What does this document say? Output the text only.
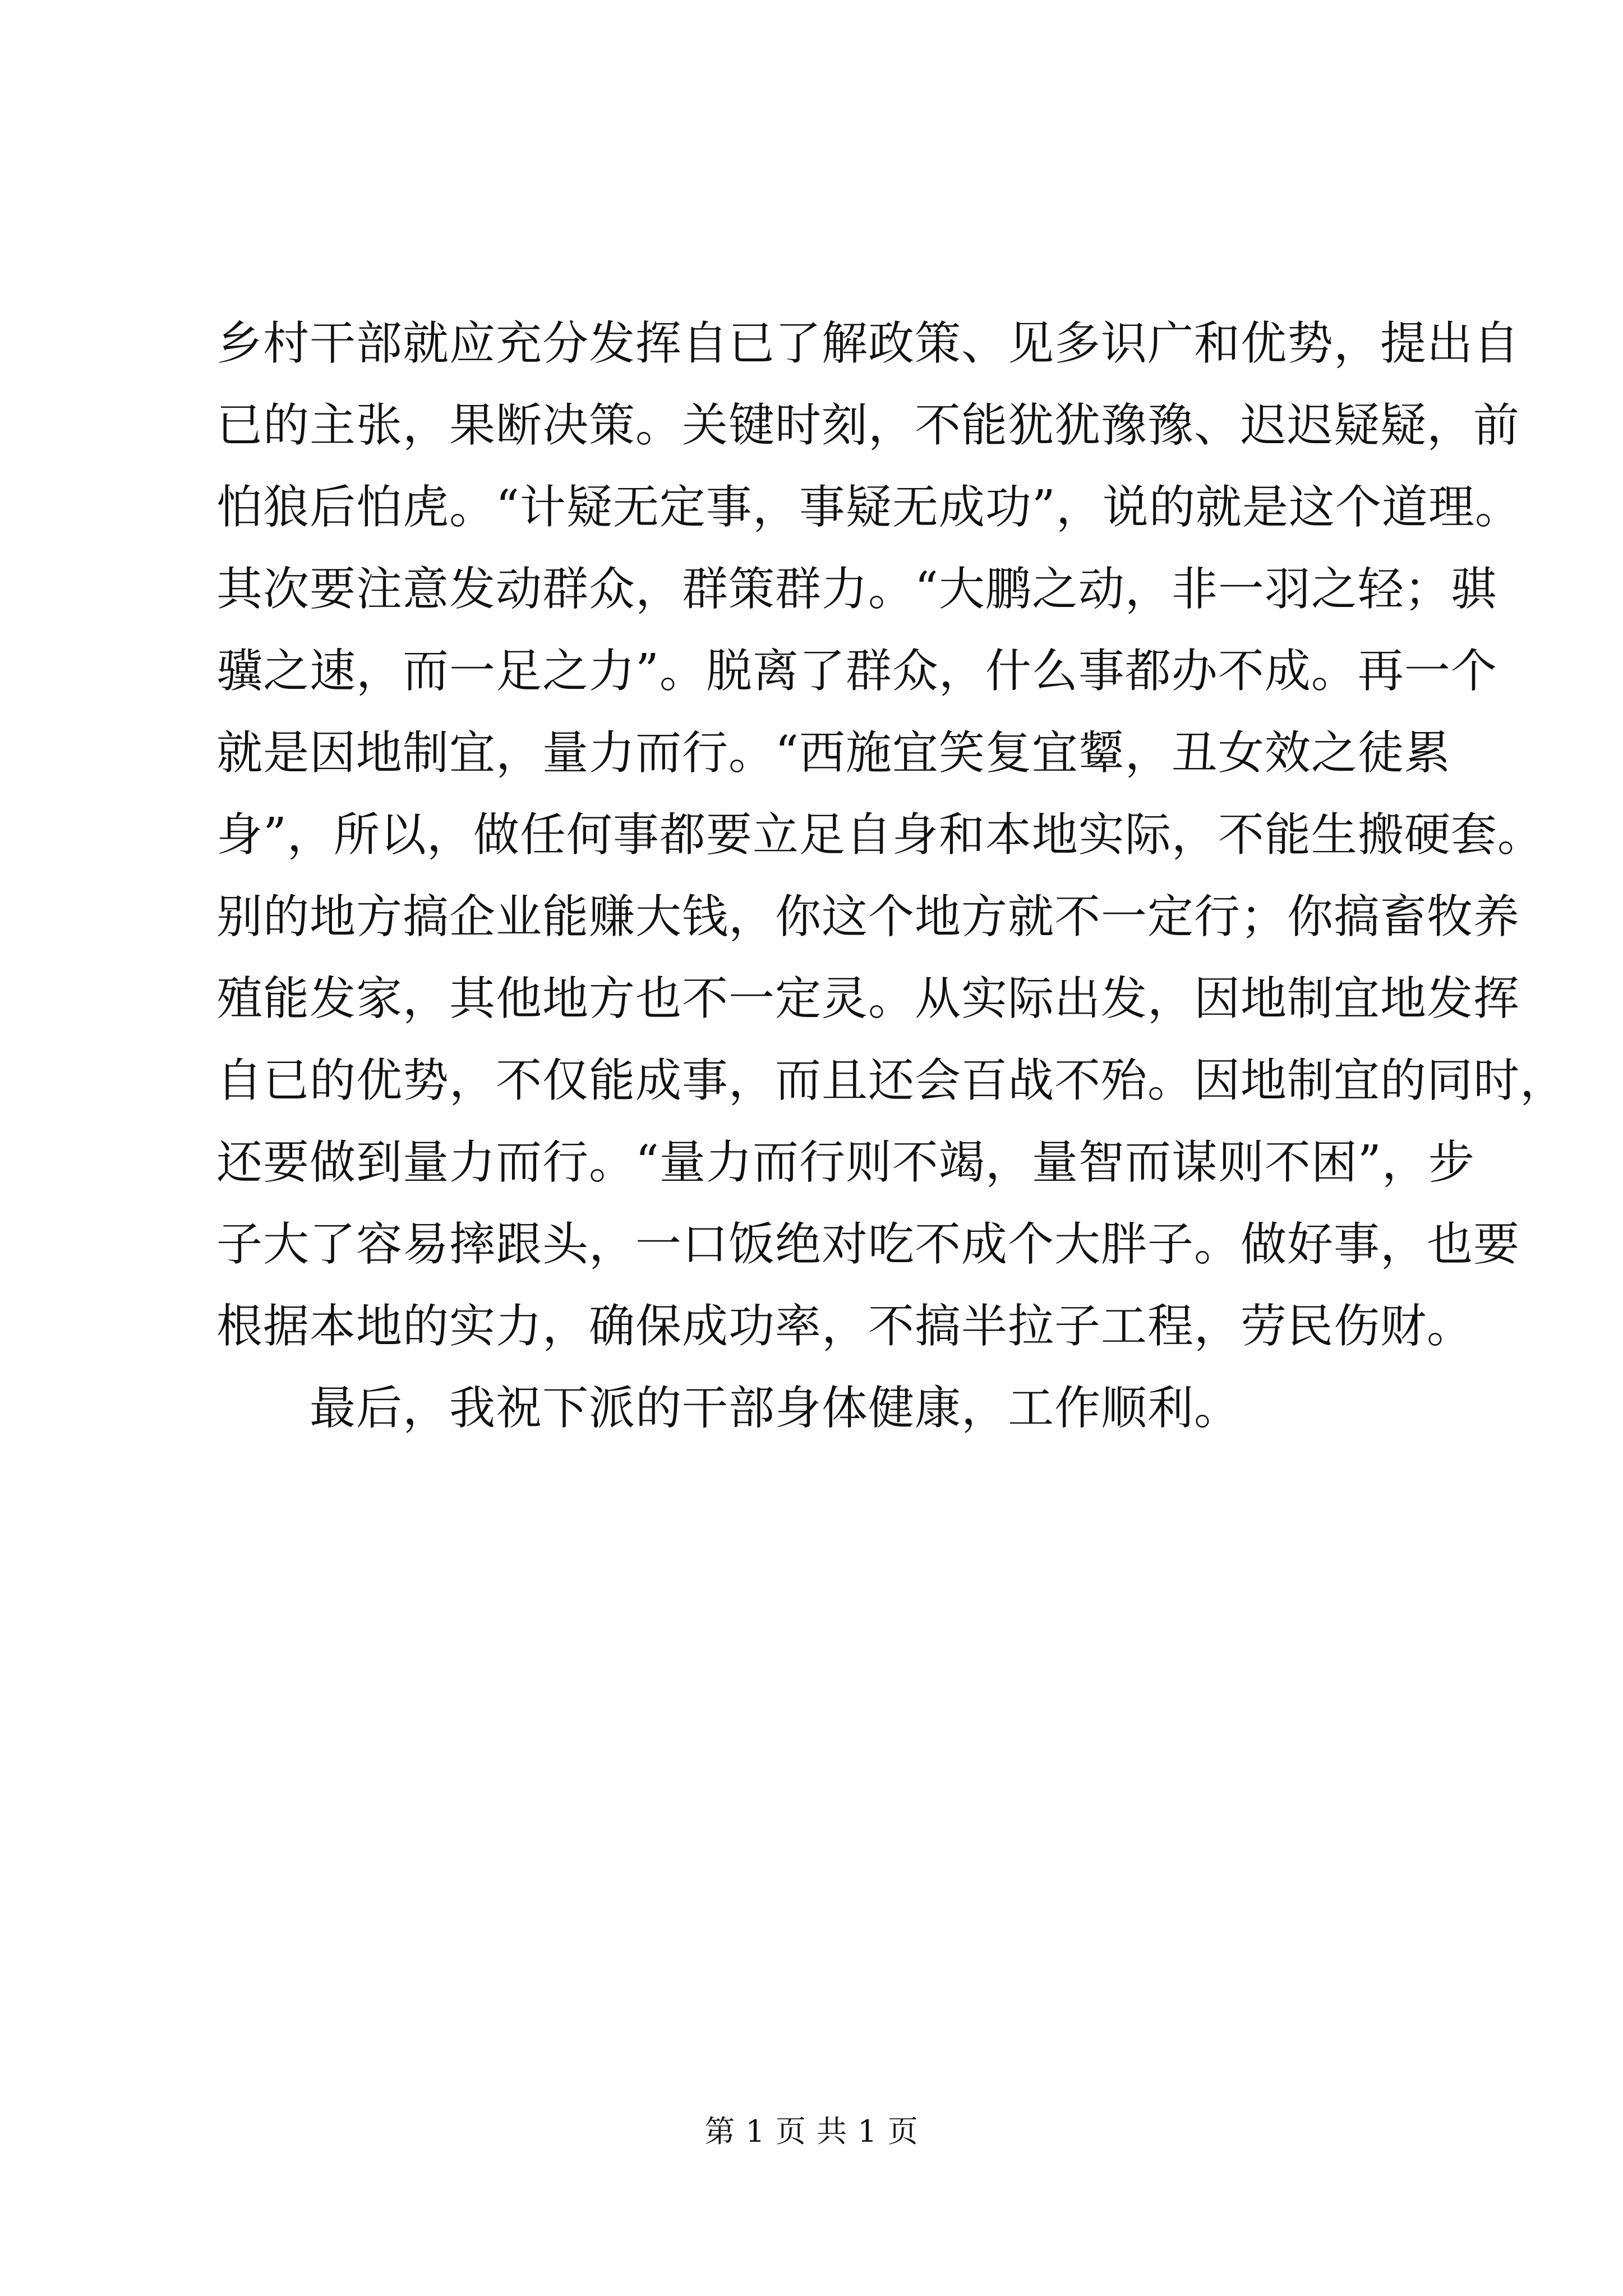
乡村干部就应充分发挥自已了解政策、见多识广和优势，提出自
已的主张，果断决策。关键时刻，不能犹犹豫豫、迟迟疑疑，前
怕狼后怕虎。“计疑无定事，事疑无成功”，说的就是这个道理。
其次要注意发动群众，群策群力。“大鹏之动，非一羽之轻；骐
骥之速，而一足之力”。脱离了群众，什么事都办不成。再一个
就是因地制宜，量力而行。“西施宜笑复宜颦，丑女效之徒累
身”，所以，做任何事都要立足自身和本地实际，不能生搬硬套。
别的地方搞企业能赚大钱，你这个地方就不一定行；你搞畜牧养
殖能发家，其他地方也不一定灵。从实际出发，因地制宜地发挥
自已的优势，不仅能成事，而且还会百战不殆。因地制宜的同时，
还要做到量力而行。“量力而行则不竭，量智而谋则不困”，步
子大了容易摔跟头，一口饭绝对吃不成个大胖子。做好事，也要
根据本地的实力，确保成功率，不搞半拉子工程，劳民伤财。
最后，我祝下派的干部身体健康，工作顺利。
第 1 页 共 1 页
